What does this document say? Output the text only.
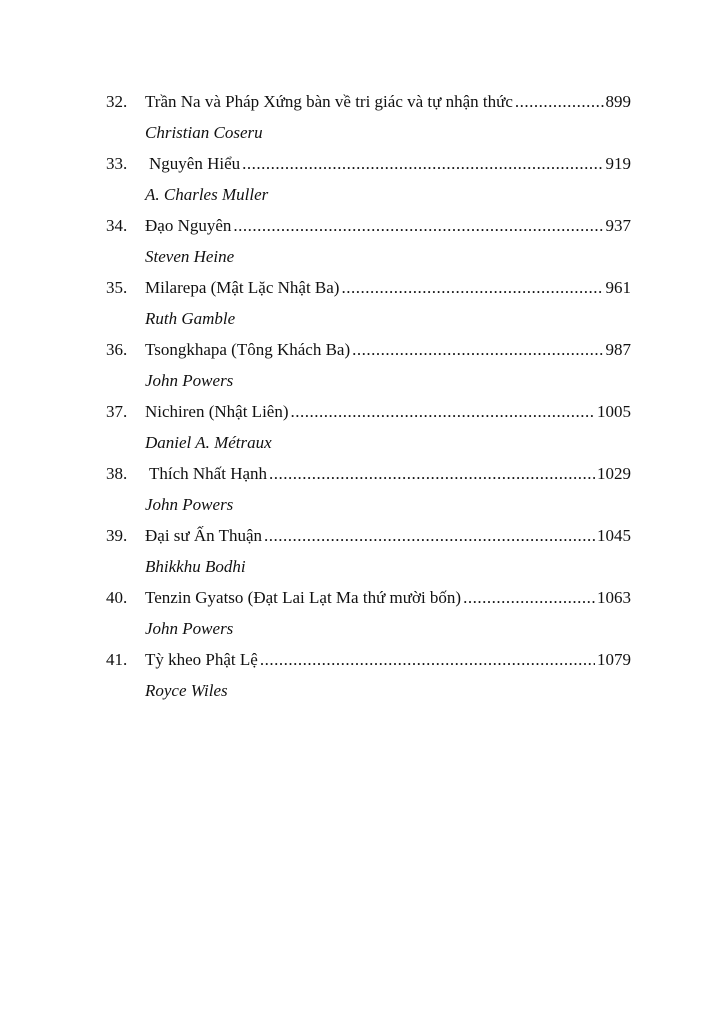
32.	Trần Na và Pháp Xứng bàn về tri giác và tự nhận thức .....	899
Christian Coseru
33.	Nguyên Hiểu .....	919
A. Charles Muller
34.	Đạo Nguyên .....	937
Steven Heine
35.	Milarepa (Mật Lặc Nhật Ba) .....	961
Ruth Gamble
36.	Tsongkhapa (Tông Khách Ba) .....	987
John Powers
37.	Nichiren (Nhật Liên) .....	1005
Daniel A. Métraux
38.	Thích Nhất Hạnh .....	1029
John Powers
39.	Đại sư Ấn Thuận .....	1045
Bhikkhu Bodhi
40.	Tenzin Gyatso (Đạt Lai Lạt Ma thứ mười bốn) .....	1063
John Powers
41.	Tỳ kheo Phật Lệ .....	1079
Royce Wiles
